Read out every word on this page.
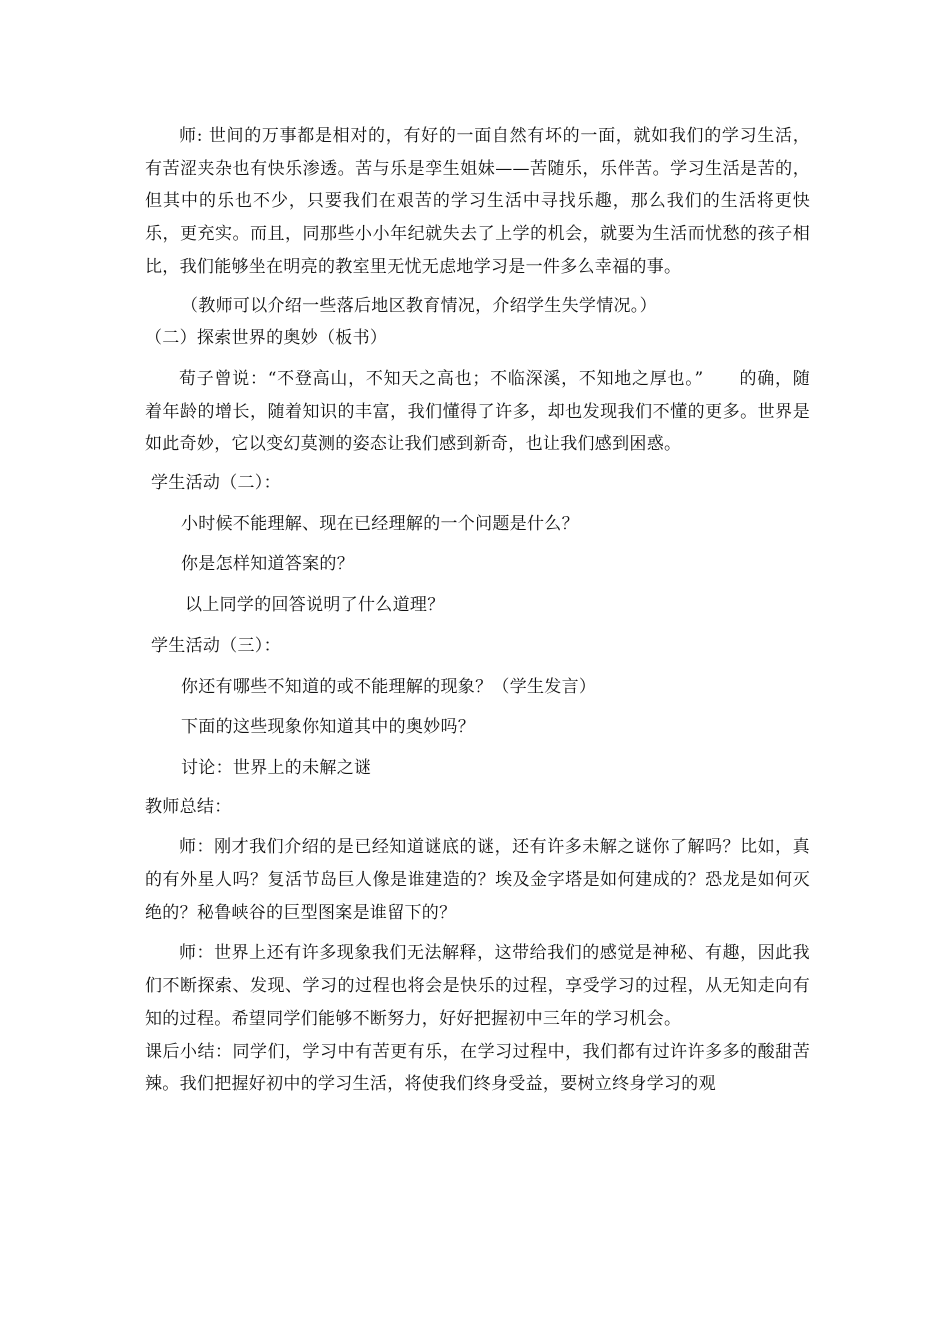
师: 世间的万事都是相对的，有好的一面自然有坏的一面，就如我们的学习生活，有苦涩夹杂也有快乐渗透。苦与乐是孪生姐妹——苦随乐，乐伴苦。学习生活是苦的，但其中的乐也不少，只要我们在艰苦的学习生活中寻找乐趣，那么我们的生活将更快乐，更充实。而且，同那些小小年纪就失去了上学的机会，就要为生活而忧愁的孩子相比，我们能够坐在明亮的教室里无忧无虑地学习是一件多么幸福的事。

（教师可以介绍一些落后地区教育情况，介绍学生失学情况。）

（二）探索世界的奥妙（板书）

荀子曾说：“不登高山，不知天之高也；不临深溪，不知地之厚也。”　　的确，随着年龄的增长，随着知识的丰富，我们懂得了许多，却也发现我们不懂的更多。世界是如此奇妙，它以变幻莫测的姿态让我们感到新奇，也让我们感到困惑。

学生活动（二）：

小时候不能理解、现在已经理解的一个问题是什么？

你是怎样知道答案的？

以上同学的回答说明了什么道理？

学生活动（三）：

你还有哪些不知道的或不能理解的现象？（学生发言）

下面的这些现象你知道其中的奥妙吗？

讨论：世界上的未解之谜

教师总结：

师：刚才我们介绍的是已经知道谜底的谜，还有许多未解之谜你了解吗？比如，真的有外星人吗？复活节岛巨人像是谁建造的？埃及金字塔是如何建成的？恐龙是如何灭绝的？秘鲁峡谷的巨型图案是谁留下的？

师：世界上还有许多现象我们无法解释，这带给我们的感觉是神秘、有趣，因此我们不断探索、发现、学习的过程也将会是快乐的过程，享受学习的过程，从无知走向有知的过程。希望同学们能够不断努力，好好把握初中三年的学习机会。

课后小结：同学们，学习中有苦更有乐，在学习过程中，我们都有过许许多多的酸甜苦辣。我们把握好初中的学习生活，将使我们终身受益，要树立终身学习的观
